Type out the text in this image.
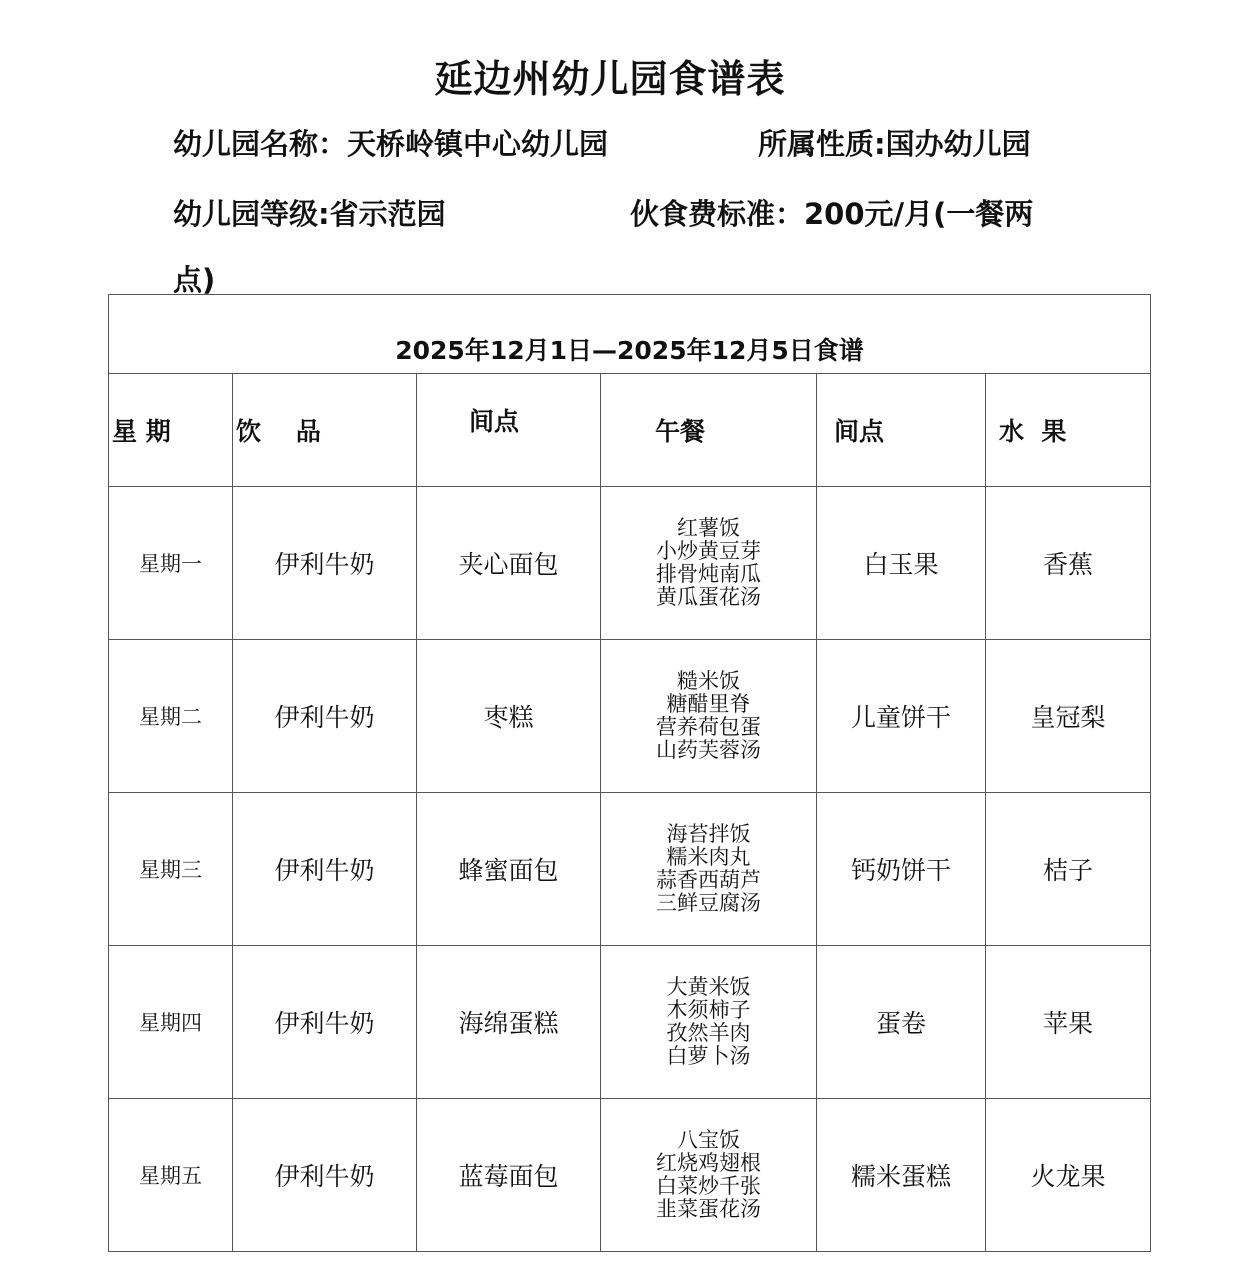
延边州幼儿园食谱表
幼儿园名称：天桥岭镇中心幼儿园	所属性质:国办幼儿园
幼儿园等级:省示范园	伙食费标准：200元/月(一餐两
点)
2025年12月1日—2025年12月5日食谱					
星 期	饮    品	间点	午餐	间点	水  果
星期一	伊利牛奶	夹心面包	红薯饭
小炒黄豆芽
排骨炖南瓜
黄瓜蛋花汤	白玉果	香蕉
星期二	伊利牛奶	枣糕	糙米饭
糖醋里脊
营养荷包蛋
山药芙蓉汤	儿童饼干	皇冠梨
星期三	伊利牛奶	蜂蜜面包	海苔拌饭
糯米肉丸
蒜香西葫芦
三鲜豆腐汤	钙奶饼干	桔子
星期四	伊利牛奶	海绵蛋糕	大黄米饭
木须柿子
孜然羊肉
白萝卜汤	蛋卷	苹果
星期五	伊利牛奶	蓝莓面包	八宝饭
红烧鸡翅根
白菜炒千张
韭菜蛋花汤	糯米蛋糕	火龙果
